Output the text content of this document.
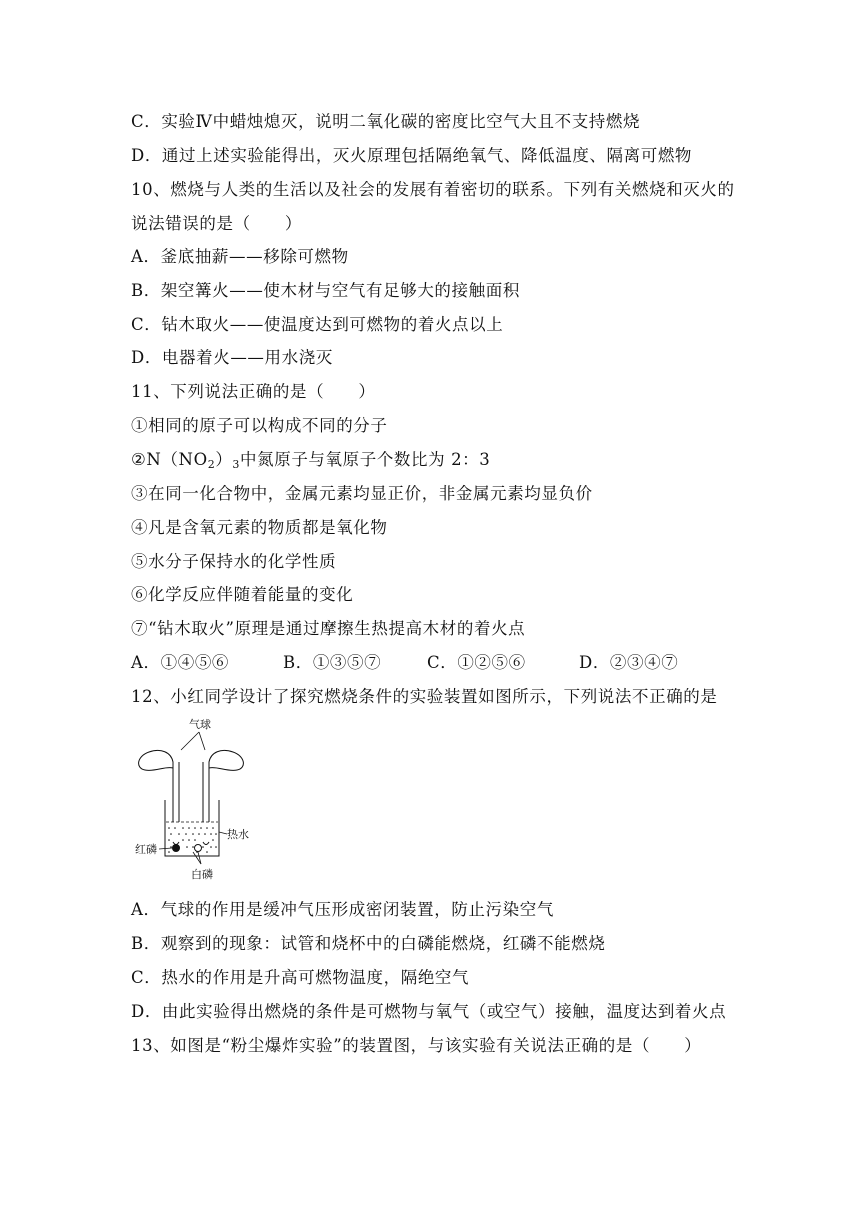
C．实验Ⅳ中蜡烛熄灭，说明二氧化碳的密度比空气大且不支持燃烧
D．通过上述实验能得出，灭火原理包括隔绝氧气、降低温度、隔离可燃物
10、燃烧与人类的生活以及社会的发展有着密切的联系。下列有关燃烧和灭火的
说法错误的是（　　）
A．釜底抽薪——移除可燃物
B．架空篝火——使木材与空气有足够大的接触面积
C．钻木取火——使温度达到可燃物的着火点以上
D．电器着火——用水浇灭
11、下列说法正确的是（　　）
①相同的原子可以构成不同的分子
$②N(NO_2)_3$中氮原子与氧原子个数比为 2：3
③在同一化合物中，金属元素均显正价，非金属元素均显负价
④凡是含氧元素的物质都是氧化物
⑤水分子保持水的化学性质
⑥化学反应伴随着能量的变化
⑦“钻木取火”原理是通过摩擦生热提高木材的着火点
A．①④⑤⑥	B．①③⑤⑦	C．①②⑤⑥	D．②③④⑦
12、小红同学设计了探究燃烧条件的实验装置如图所示，下列说法不正确的是
气球
热水
红磷
白磷
A．气球的作用是缓冲气压形成密闭装置，防止污染空气
B．观察到的现象：试管和烧杯中的白磷能燃烧，红磷不能燃烧
C．热水的作用是升高可燃物温度，隔绝空气
D．由此实验得出燃烧的条件是可燃物与氧气（或空气）接触，温度达到着火点
13、如图是“粉尘爆炸实验”的装置图，与该实验有关说法正确的是（　　）
